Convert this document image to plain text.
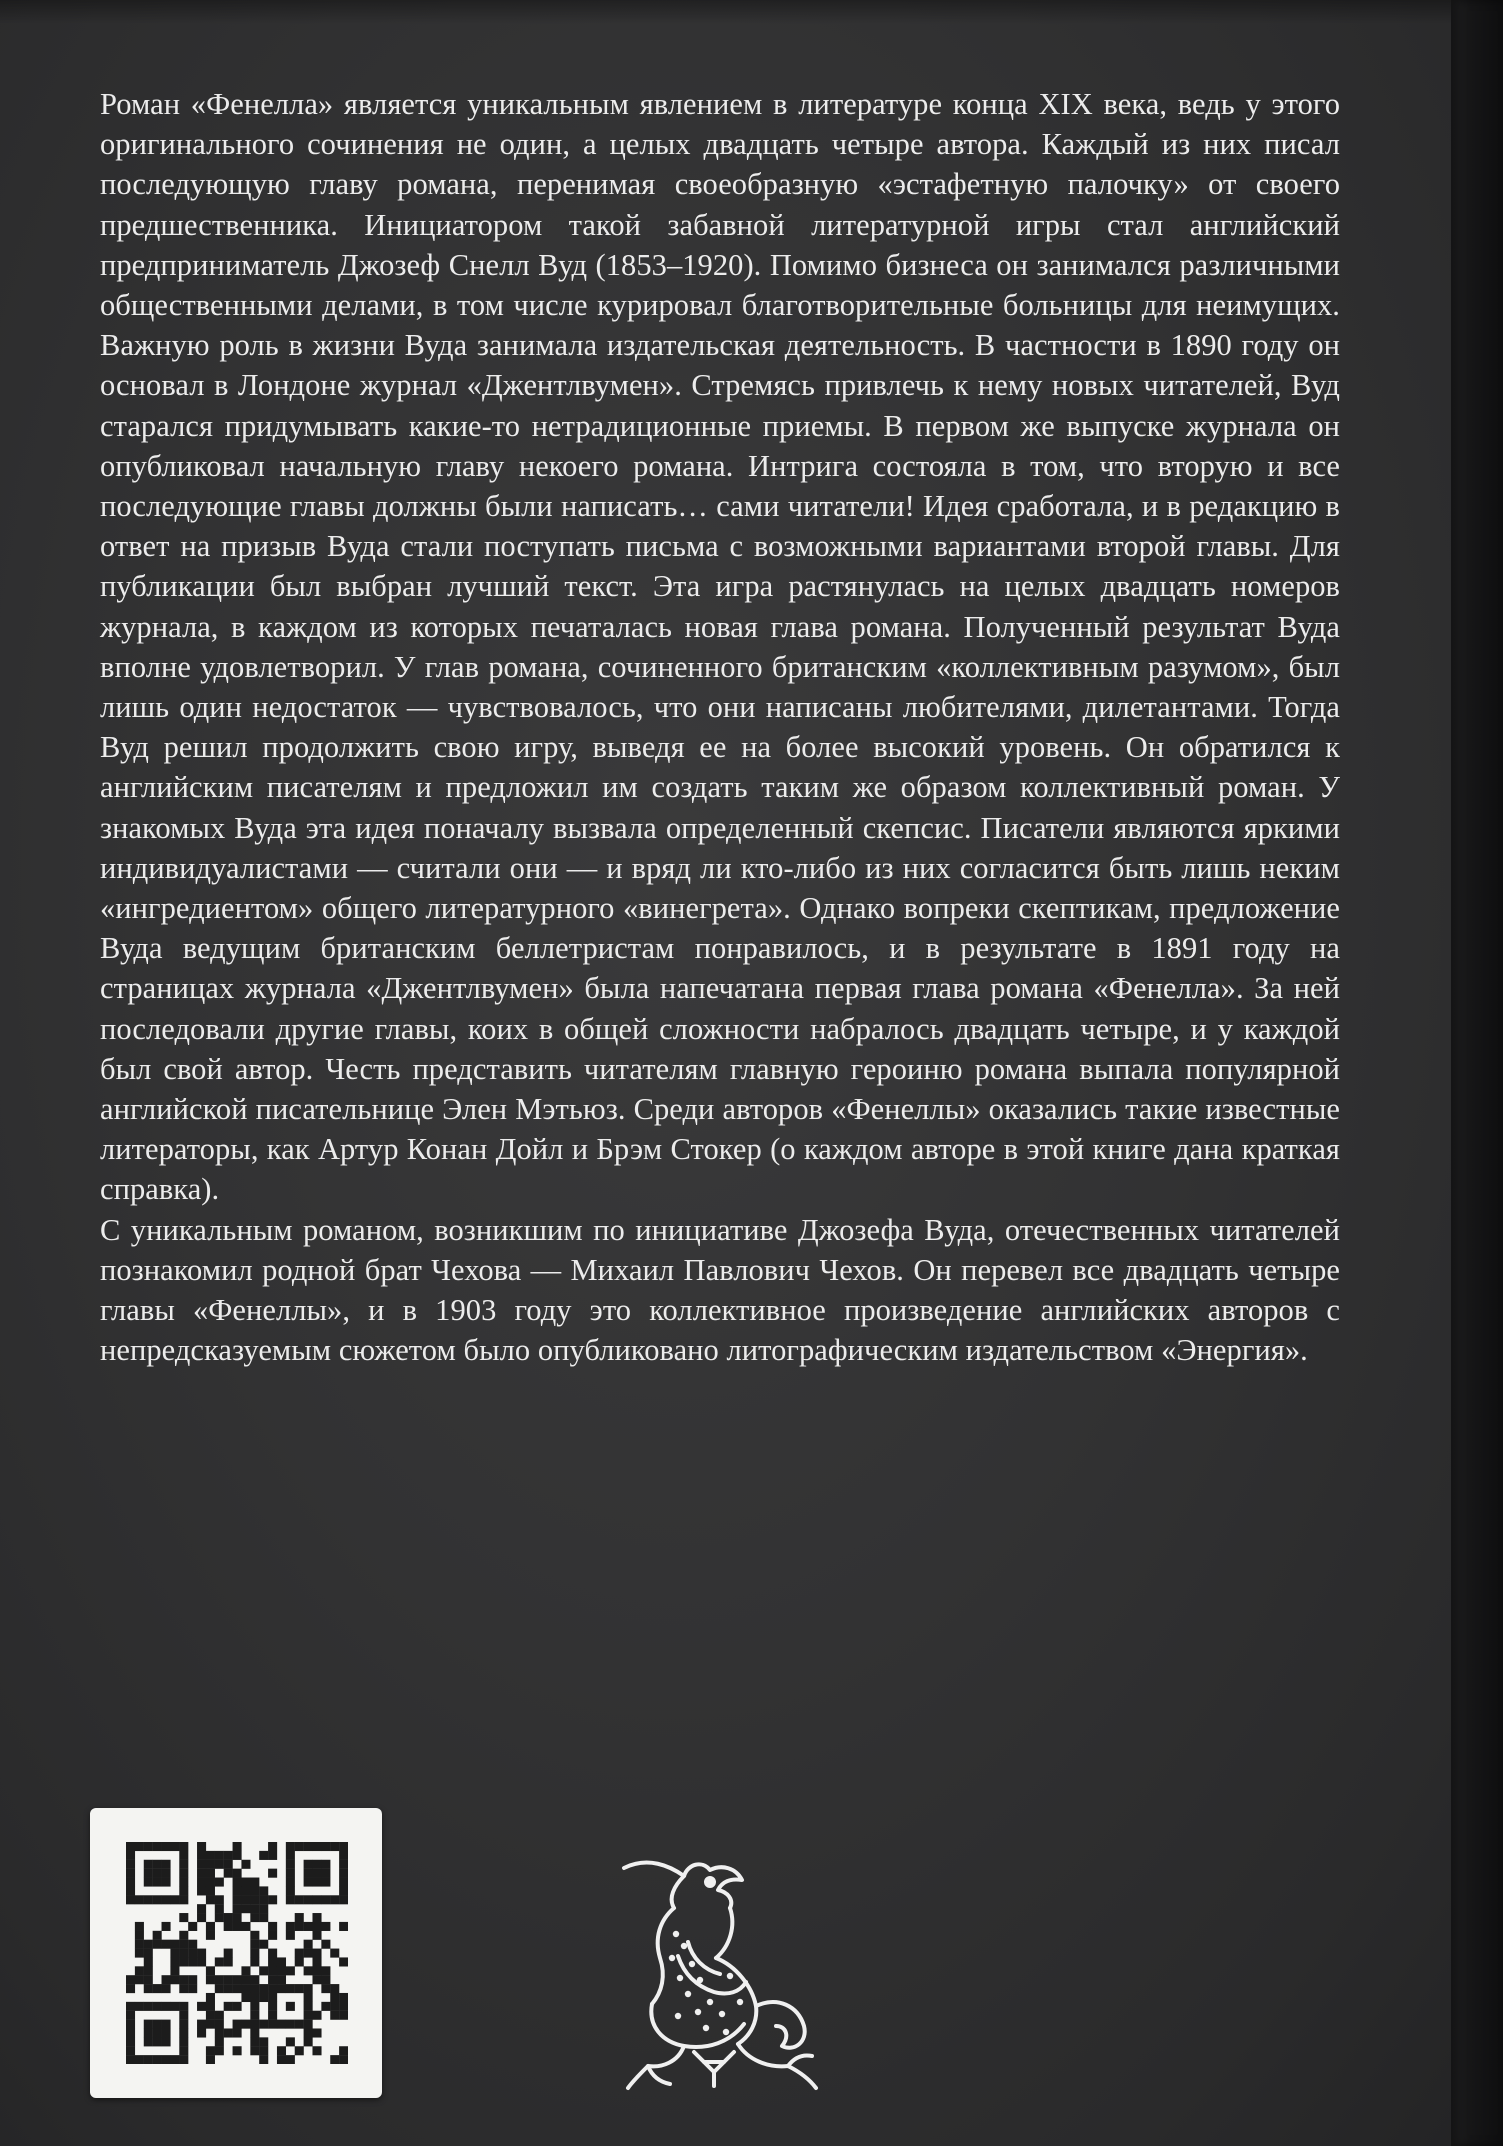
Роман «Фенелла» является уникальным явлением в литературе конца XIX века, ведь у этого оригинального сочинения не один, а целых двадцать четыре автора. Каждый из них писал последующую главу романа, перенимая своеобразную «эстафетную палочку» от своего предшественника. Инициатором такой забавной литературной игры стал английский предприниматель Джозеф Снелл Вуд (1853–1920). Помимо бизнеса он занимался различными общественными делами, в том числе курировал благотворительные больницы для неимущих. Важную роль в жизни Вуда занимала издательская деятельность. В частности в 1890 году он основал в Лондоне журнал «Джентлвумен». Стремясь привлечь к нему новых читателей, Вуд старался придумывать какие-то нетрадиционные приемы. В первом же выпуске журнала он опубликовал начальную главу некоего романа. Интрига состояла в том, что вторую и все последующие главы должны были написать… сами читатели! Идея сработала, и в редакцию в ответ на призыв Вуда стали поступать письма с возможными вариантами второй главы. Для публикации был выбран лучший текст. Эта игра растянулась на целых двадцать номеров журнала, в каждом из которых печаталась новая глава романа. Полученный результат Вуда вполне удовлетворил. У глав романа, сочиненного британским «коллективным разумом», был лишь один недостаток — чувствовалось, что они написаны любителями, дилетантами. Тогда Вуд решил продолжить свою игру, выведя ее на более высокий уровень. Он обратился к английским писателям и предложил им создать таким же образом коллективный роман. У знакомых Вуда эта идея поначалу вызвала определенный скепсис. Писатели являются яркими индивидуалистами — считали они — и вряд ли кто-либо из них согласится быть лишь неким «ингредиентом» общего литературного «винегрета». Однако вопреки скептикам, предложение Вуда ведущим британским беллетристам понравилось, и в результате в 1891 году на страницах журнала «Джентлвумен» была напечатана первая глава романа «Фенелла». За ней последовали другие главы, коих в общей сложности набралось двадцать четыре, и у каждой был свой автор. Честь представить читателям главную героиню романа выпала популярной английской писательнице Элен Мэтьюз. Среди авторов «Фенеллы» оказались такие известные литераторы, как Артур Конан Дойл и Брэм Стокер (о каждом авторе в этой книге дана краткая справка).

С уникальным романом, возникшим по инициативе Джозефа Вуда, отечественных читателей познакомил родной брат Чехова — Михаил Павлович Чехов. Он перевел все двадцать четыре главы «Фенеллы», и в 1903 году это коллективное произведение английских авторов с непредсказуемым сюжетом было опубликовано литографическим издательством «Энергия».
